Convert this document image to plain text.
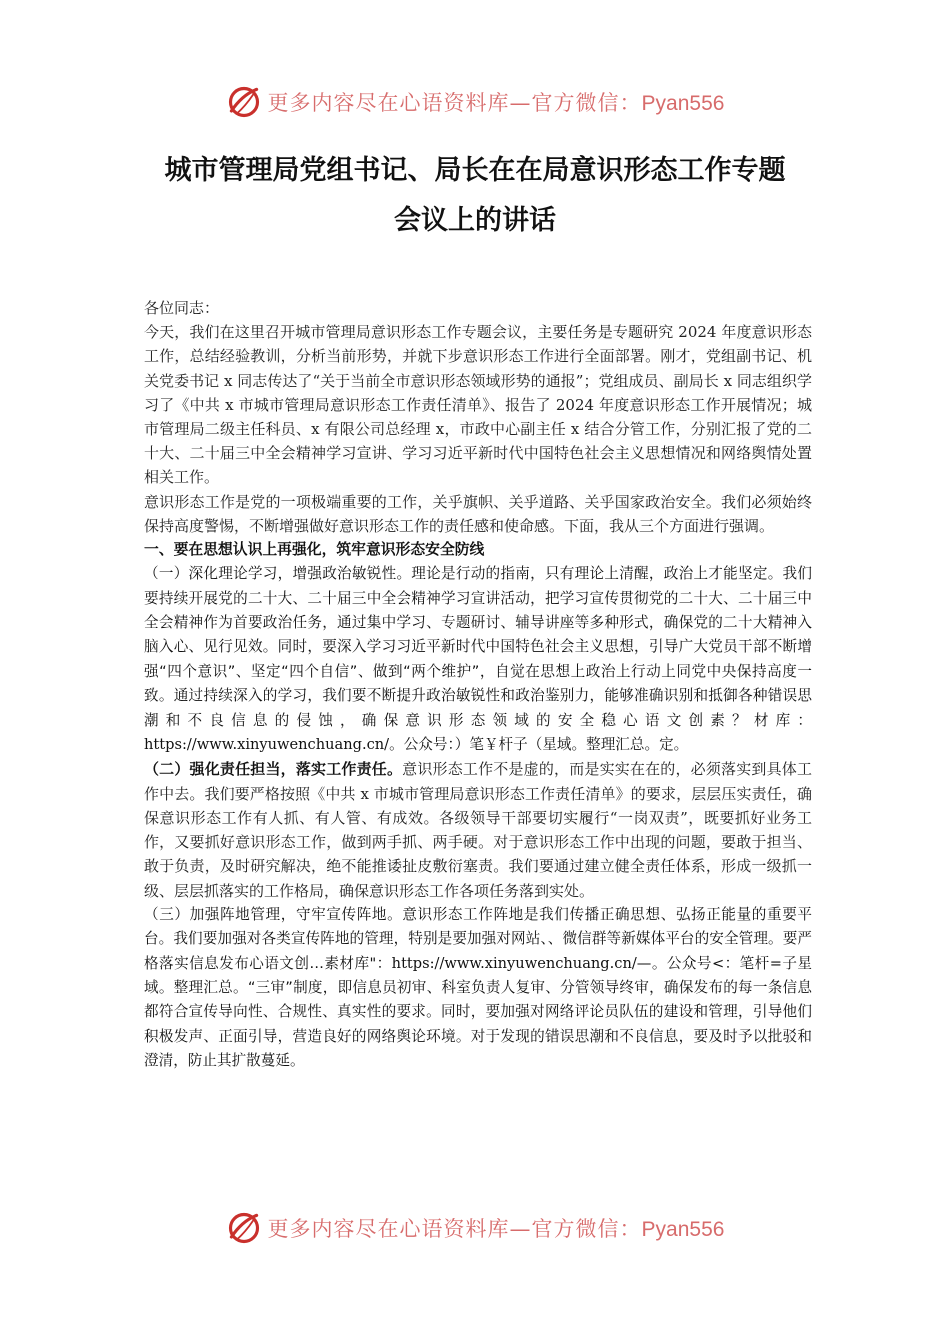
更多内容尽在心语资料库—官方微信：Pyan556
城市管理局党组书记、局长在在局意识形态工作专题
会议上的讲话

各位同志：

今天，我们在这里召开城市管理局意识形态工作专题会议，主要任务是专题研究 2024 年度意识形态工作，总结经验教训，分析当前形势，并就下步意识形态工作进行全面部署。刚才，党组副书记、机关党委书记 x 同志传达了“关于当前全市意识形态领域形势的通报”；党组成员、副局长 x 同志组织学习了《中共 x 市城市管理局意识形态工作责任清单》、报告了 2024 年度意识形态工作开展情况；城市管理局二级主任科员、x 有限公司总经理 x，市政中心副主任 x 结合分管工作，分别汇报了党的二十大、二十届三中全会精神学习宣讲、学习习近平新时代中国特色社会主义思想情况和网络舆情处置相关工作。

意识形态工作是党的一项极端重要的工作，关乎旗帜、关乎道路、关乎国家政治安全。我们必须始终保持高度警惕，不断增强做好意识形态工作的责任感和使命感。下面，我从三个方面进行强调。

一、要在思想认识上再强化，筑牢意识形态安全防线

（一）深化理论学习，增强政治敏锐性。理论是行动的指南，只有理论上清醒，政治上才能坚定。我们要持续开展党的二十大、二十届三中全会精神学习宣讲活动，把学习宣传贯彻党的二十大、二十届三中全会精神作为首要政治任务，通过集中学习、专题研讨、辅导讲座等多种形式，确保党的二十大精神入脑入心、见行见效。同时，要深入学习习近平新时代中国特色社会主义思想，引导广大党员干部不断增强“四个意识”、坚定“四个自信”、做到“两个维护”，自觉在思想上政治上行动上同党中央保持高度一致。通过持续深入的学习，我们要不断提升政治敏锐性和政治鉴别力，能够准确识别和抵御各种错误思潮和不良信息的侵蚀，确保意识形态领域的安全稳心语文创素？材库：https://www.xinyuwenchuang.cn/。公众号：）笔￥杆子（星域。整理汇总。定。

（二）强化责任担当，落实工作责任。意识形态工作不是虚的，而是实实在在的，必须落实到具体工作中去。我们要严格按照《中共 x 市城市管理局意识形态工作责任清单》的要求，层层压实责任，确保意识形态工作有人抓、有人管、有成效。各级领导干部要切实履行“一岗双责”，既要抓好业务工作，又要抓好意识形态工作，做到两手抓、两手硬。对于意识形态工作中出现的问题，要敢于担当、敢于负责，及时研究解决，绝不能推诿扯皮敷衍塞责。我们要通过建立健全责任体系，形成一级抓一级、层层抓落实的工作格局，确保意识形态工作各项任务落到实处。

（三）加强阵地管理，守牢宣传阵地。意识形态工作阵地是我们传播正确思想、弘扬正能量的重要平台。我们要加强对各类宣传阵地的管理，特别是要加强对网站、、微信群等新媒体平台的安全管理。要严格落实信息发布心语文创…素材库"：https://www.xinyuwenchuang.cn/—。公众号<：笔杆=子星域。整理汇总。“三审”制度，即信息员初审、科室负责人复审、分管领导终审，确保发布的每一条信息都符合宣传导向性、合规性、真实性的要求。同时，要加强对网络评论员队伍的建设和管理，引导他们积极发声、正面引导，营造良好的网络舆论环境。对于发现的错误思潮和不良信息，要及时予以批驳和澄清，防止其扩散蔓延。

更多内容尽在心语资料库—官方微信：Pyan556
